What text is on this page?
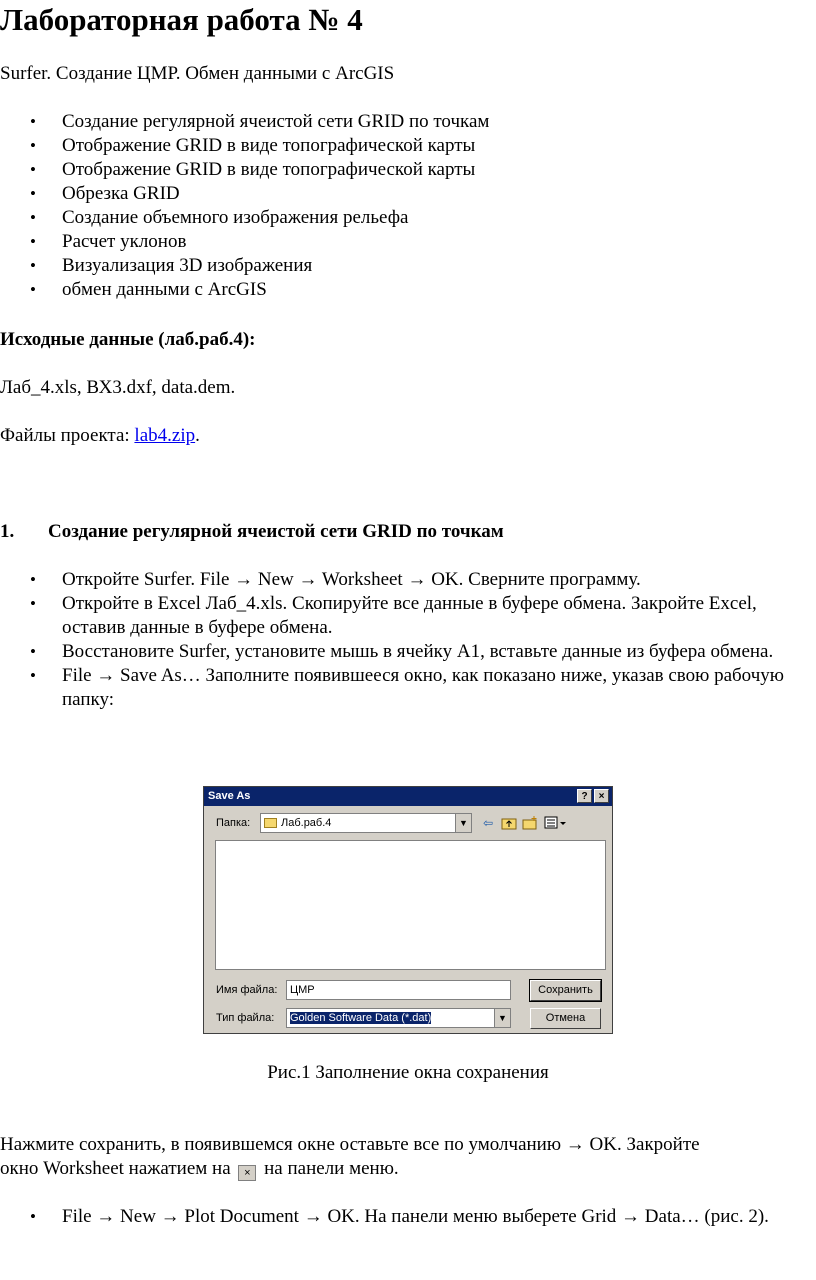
Лабораторная работа № 4

Surfer. Создание ЦМР. Обмен данными с ArcGIS

• Создание регулярной ячеистой сети GRID по точкам
• Отображение GRID в виде топографической карты
• Отображение GRID в виде топографической карты
• Обрезка GRID
• Создание объемного изображения рельефа
• Расчет уклонов
• Визуализация 3D изображения
• обмен данными с ArcGIS

Исходные данные (лаб.раб.4):

Лаб_4.xls, ВХ3.dxf, data.dem.

Файлы проекта: lab4.zip.

1. Создание регулярной ячеистой сети GRID по точкам
• Откройте Surfer. File → New → Worksheet → OK. Сверните программу.
• Откройте в Excel Лаб_4.xls. Скопируйте все данные в буфере обмена. Закройте Excel, оставив данные в буфере обмена.
• Восстановите Surfer, установите мышь в ячейку A1, вставьте данные из буфера обмена.
• File → Save As… Заполните появившееся окно, как показано ниже, указав свою рабочую папку:
Save As	?	×
Папка:	Лаб.раб.4	▼ ⇦
Имя файла:	ЦМР	Сохранить
Тип файла:	Golden Software Data (*.dat)	▼	Отмена
Рис.1 Заполнение окна сохранения

Нажмите сохранить, в появившемся окне оставьте все по умолчанию → OK. Закройте

окно Worksheet нажатием на × на панели меню.

• File → New → Plot Document → OK. На панели меню выберете Grid → Data… (рис. 2).
